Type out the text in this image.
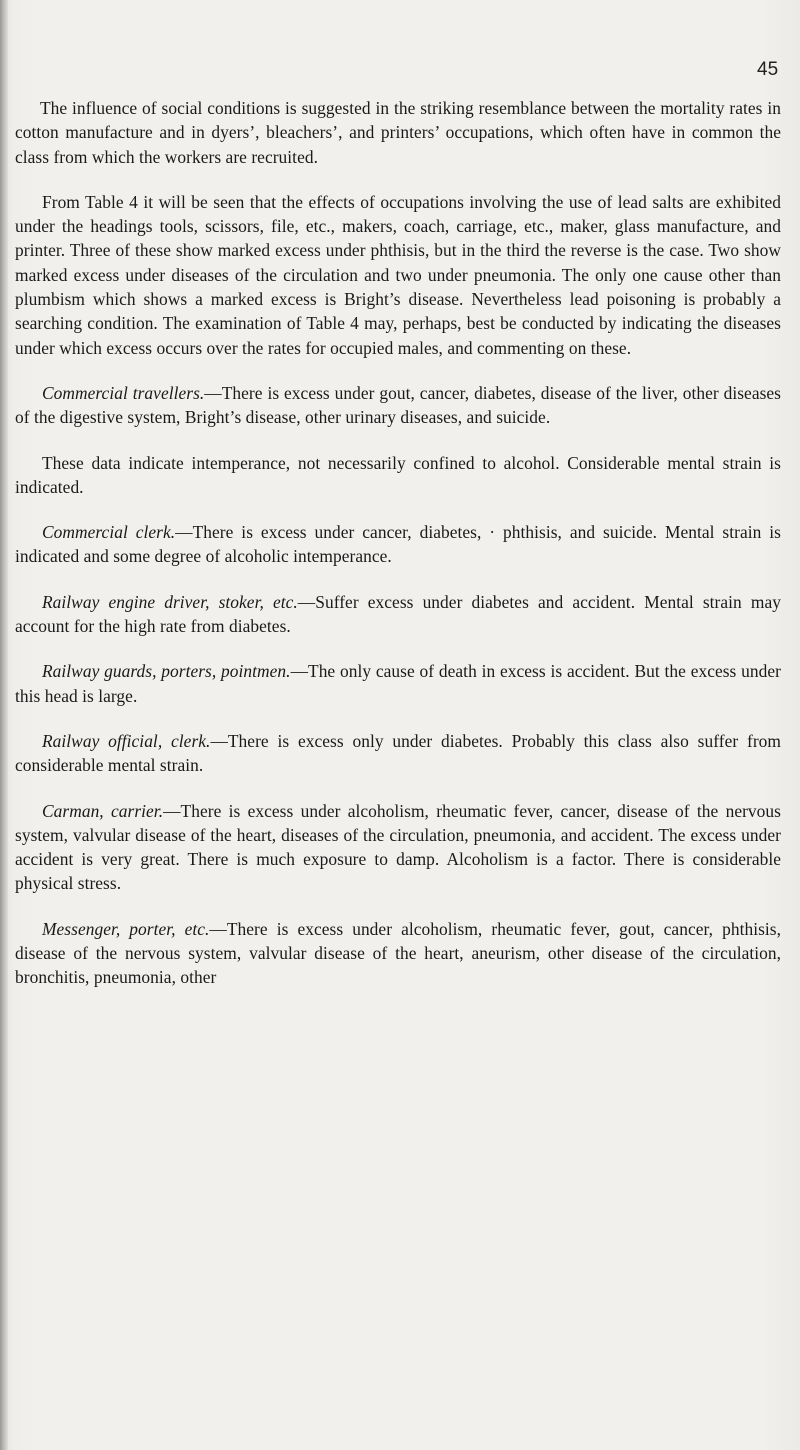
45

The influence of social conditions is suggested in the striking resemblance between the mortality rates in cotton manufacture and in dyers’, bleachers’, and printers’ occupations, which often have in common the class from which the workers are recruited.

From Table 4 it will be seen that the effects of occupations involving the use of lead salts are exhibited under the headings tools, scissors, file, etc., makers, coach, carriage, etc., maker, glass manufacture, and printer. Three of these show marked excess under phthisis, but in the third the reverse is the case. Two show marked excess under diseases of the circulation and two under pneumonia. The only one cause other than plumbism which shows a marked excess is Bright’s disease. Nevertheless lead poisoning is probably a searching condition. The examination of Table 4 may, perhaps, best be conducted by indicating the diseases under which excess occurs over the rates for occupied males, and commenting on these.

Commercial travellers.—There is excess under gout, cancer, diabetes, disease of the liver, other diseases of the digestive system, Bright’s disease, other urinary diseases, and suicide.

These data indicate intemperance, not necessarily confined to alcohol. Considerable mental strain is indicated.

Commercial clerk.—There is excess under cancer, diabetes, · phthisis, and suicide. Mental strain is indicated and some degree of alcoholic intemperance.

Railway engine driver, stoker, etc.—Suffer excess under diabetes and accident. Mental strain may account for the high rate from diabetes.

Railway guards, porters, pointmen.—The only cause of death in excess is accident. But the excess under this head is large.

Railway official, clerk.—There is excess only under diabetes. Probably this class also suffer from considerable mental strain.

Carman, carrier.—There is excess under alcoholism, rheumatic fever, cancer, disease of the nervous system, valvular disease of the heart, diseases of the circulation, pneumonia, and accident. The excess under accident is very great. There is much exposure to damp. Alcoholism is a factor. There is considerable physical stress.

Messenger, porter, etc.—There is excess under alcoholism, rheumatic fever, gout, cancer, phthisis, disease of the nervous system, valvular disease of the heart, aneurism, other disease of the circulation, bronchitis, pneumonia, other
